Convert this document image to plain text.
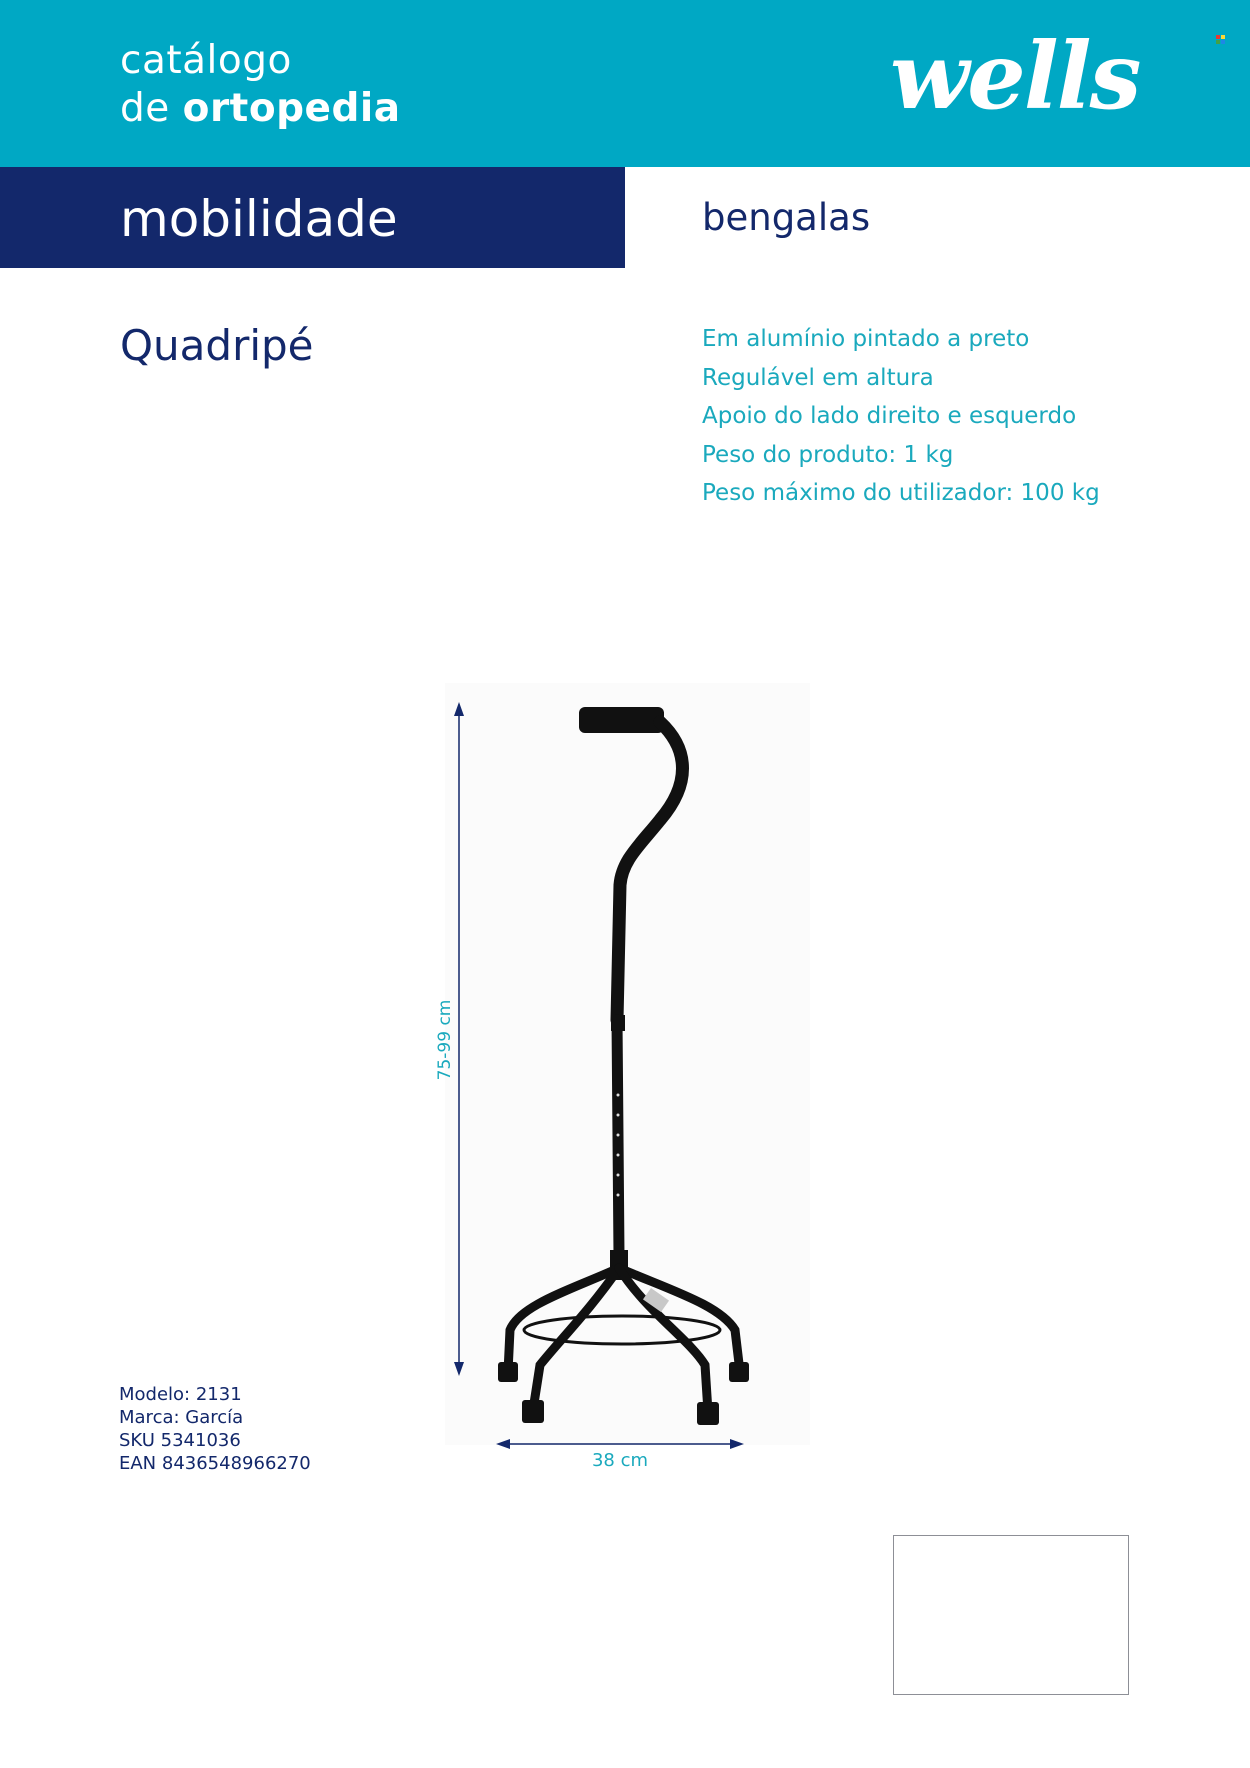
catálogo
de ortopedia	wells
mobilidade	bengalas
Quadripé	Em alumínio pintado a preto
Regulável em altura
Apoio do lado direito e esquerdo
Peso do produto: 1 kg
Peso máximo do utilizador: 100 kg
75-99 cm
38 cm
Modelo: 2131
Marca: García
SKU 5341036
EAN 8436548966270
